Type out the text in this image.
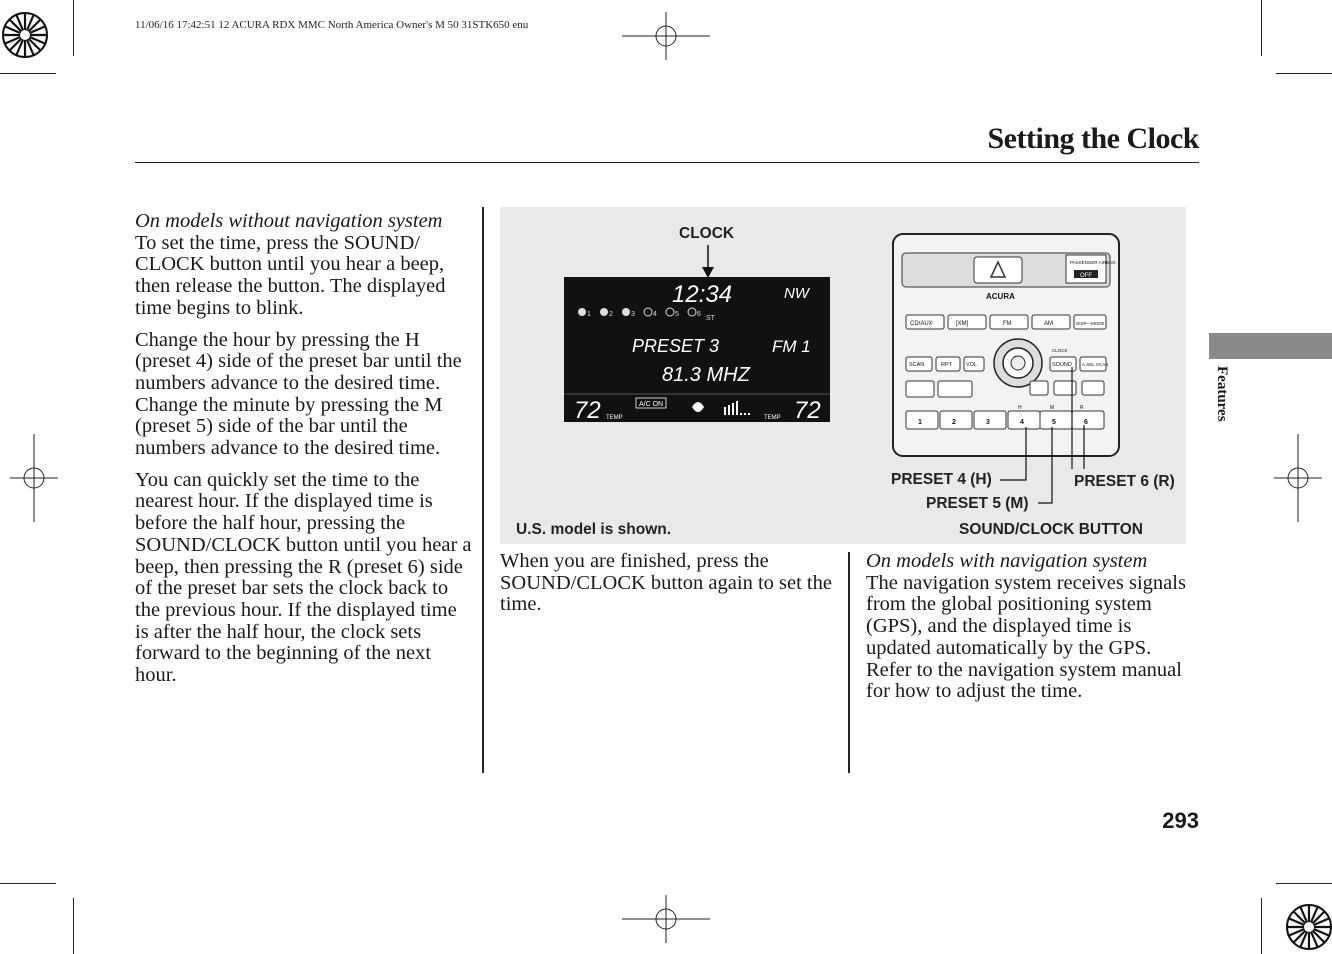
11/06/16 17:42:51 12 ACURA RDX MMC North America Owner's M 50 31STK650 enu
Setting the Clock
Features

On models without navigation system
To set the time, press the SOUND/ CLOCK button until you hear a beep, then release the button. The displayed time begins to blink.

Change the hour by pressing the H (preset 4) side of the preset bar until the numbers advance to the desired time. Change the minute by pressing the M (preset 5) side of the bar until the numbers advance to the desired time.

You can quickly set the time to the nearest hour. If the displayed time is before the half hour, pressing the SOUND/CLOCK button until you hear a beep, then pressing the R (preset 6) side of the preset bar sets the clock back to the previous hour. If the displayed time is after the half hour, the clock sets forward to the beginning of the next hour.

12:34	NW
1	2	3	4	5	6
ST
PRESET 3	FM 1
81.3 MHZ
72 TEMP
A/C ON
TEMP 72
CLOCK
PASSENGER AIRBAG
OFF
ACURA
CD/AUX	[XM]	FM	AM	DISP—MODE
SCAN	RPT	VOL	SOUND A.SEL SCAN
CLOCK
H	M	R
1	2	3	4	5	6
PRESET 4 (H)
PRESET 5 (M)
PRESET 6 (R)
SOUND/CLOCK BUTTON
U.S. model is shown.

When you are finished, press the SOUND/CLOCK button again to set the time.

On models with navigation system
The navigation system receives signals from the global positioning system (GPS), and the displayed time is updated automatically by the GPS. Refer to the navigation system manual for how to adjust the time.

293
